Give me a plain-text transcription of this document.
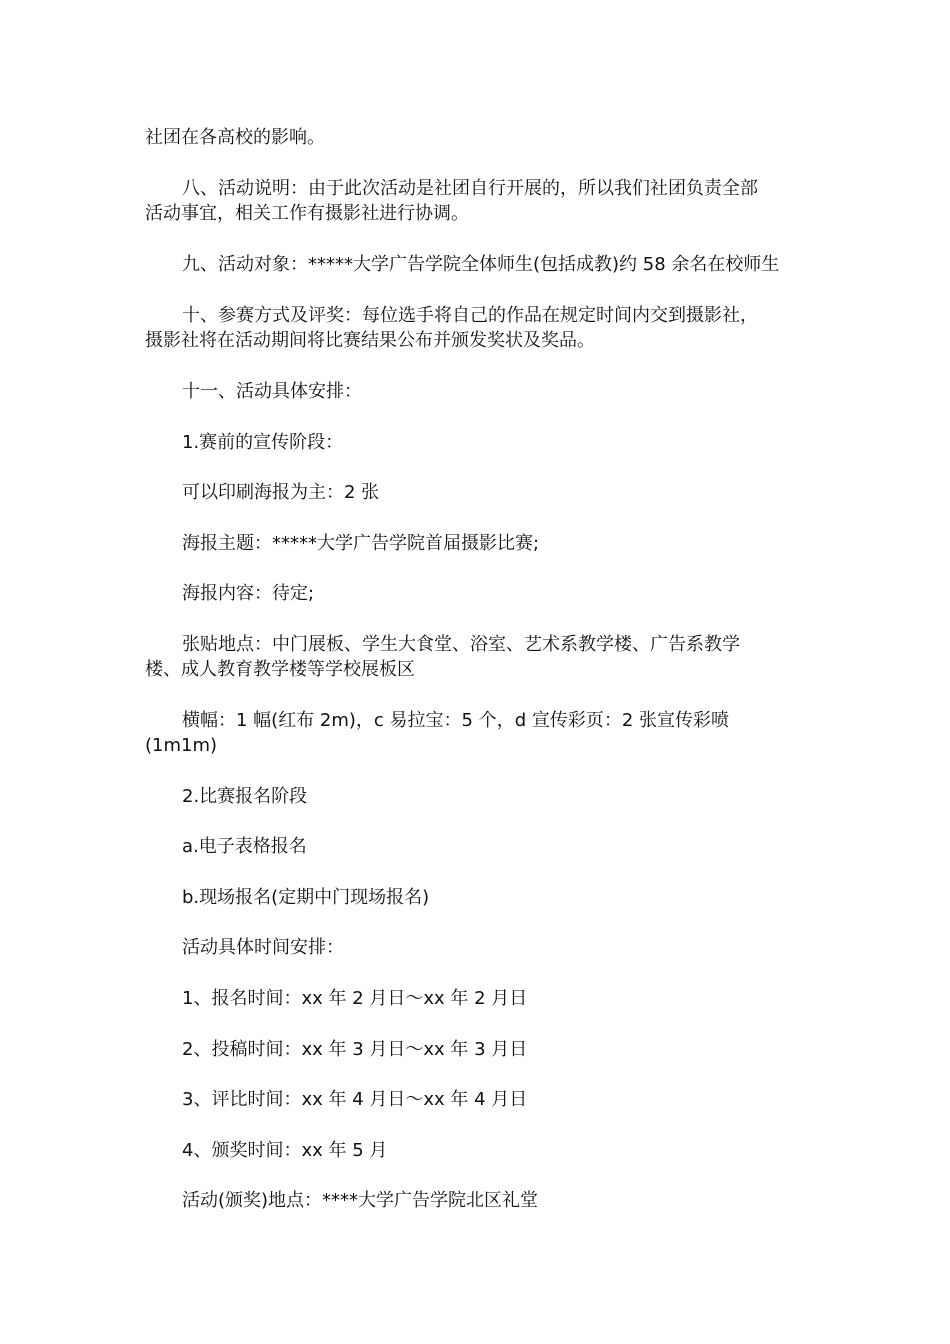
社团在各高校的影响。
八、活动说明：由于此次活动是社团自行开展的，所以我们社团负责全部
活动事宜，相关工作有摄影社进行协调。
九、活动对象：*****大学广告学院全体师生(包括成教)约 58 余名在校师生
十、参赛方式及评奖：每位选手将自己的作品在规定时间内交到摄影社，
摄影社将在活动期间将比赛结果公布并颁发奖状及奖品。
十一、活动具体安排：
1.赛前的宣传阶段：
可以印刷海报为主：2 张
海报主题：*****大学广告学院首届摄影比赛;
海报内容：待定;
张贴地点：中门展板、学生大食堂、浴室、艺术系教学楼、广告系教学
楼、成人教育教学楼等学校展板区
横幅：1 幅(红布 2m)，c 易拉宝：5 个，d 宣传彩页：2 张宣传彩喷
(1m1m)
2.比赛报名阶段
a.电子表格报名
b.现场报名(定期中门现场报名)
活动具体时间安排：
1、报名时间：xx 年 2 月日～xx 年 2 月日
2、投稿时间：xx 年 3 月日～xx 年 3 月日
3、评比时间：xx 年 4 月日～xx 年 4 月日
4、颁奖时间：xx 年 5 月
活动(颁奖)地点：****大学广告学院北区礼堂
